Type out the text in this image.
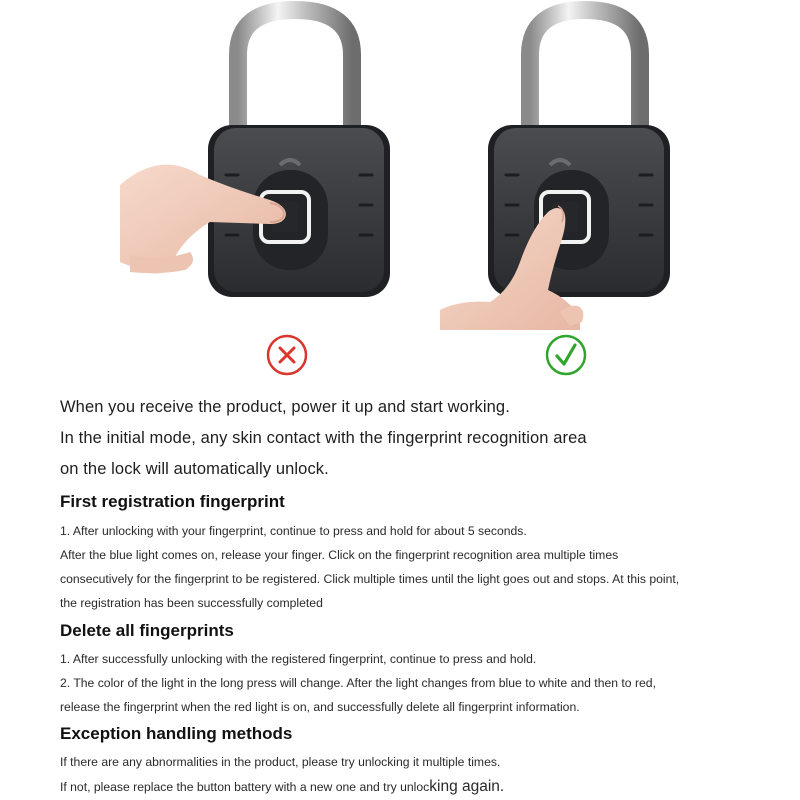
When you receive the product, power it up and start working.
In the initial mode, any skin contact with the fingerprint recognition area
on the lock will automatically unlock.
First registration fingerprint
1. After unlocking with your fingerprint, continue to press and hold for about 5 seconds.
After the blue light comes on, release your finger. Click on the fingerprint recognition area multiple times
consecutively for the fingerprint to be registered. Click multiple times until the light goes out and stops. At this point,
the registration has been successfully completed
Delete all fingerprints
1. After successfully unlocking with the registered fingerprint, continue to press and hold.
2. The color of the light in the long press will change. After the light changes from blue to white and then to red,
release the fingerprint when the red light is on, and successfully delete all fingerprint information.
Exception handling methods
If there are any abnormalities in the product, please try unlocking it multiple times.
If not, please replace the button battery with a new one and try unlocking again.
